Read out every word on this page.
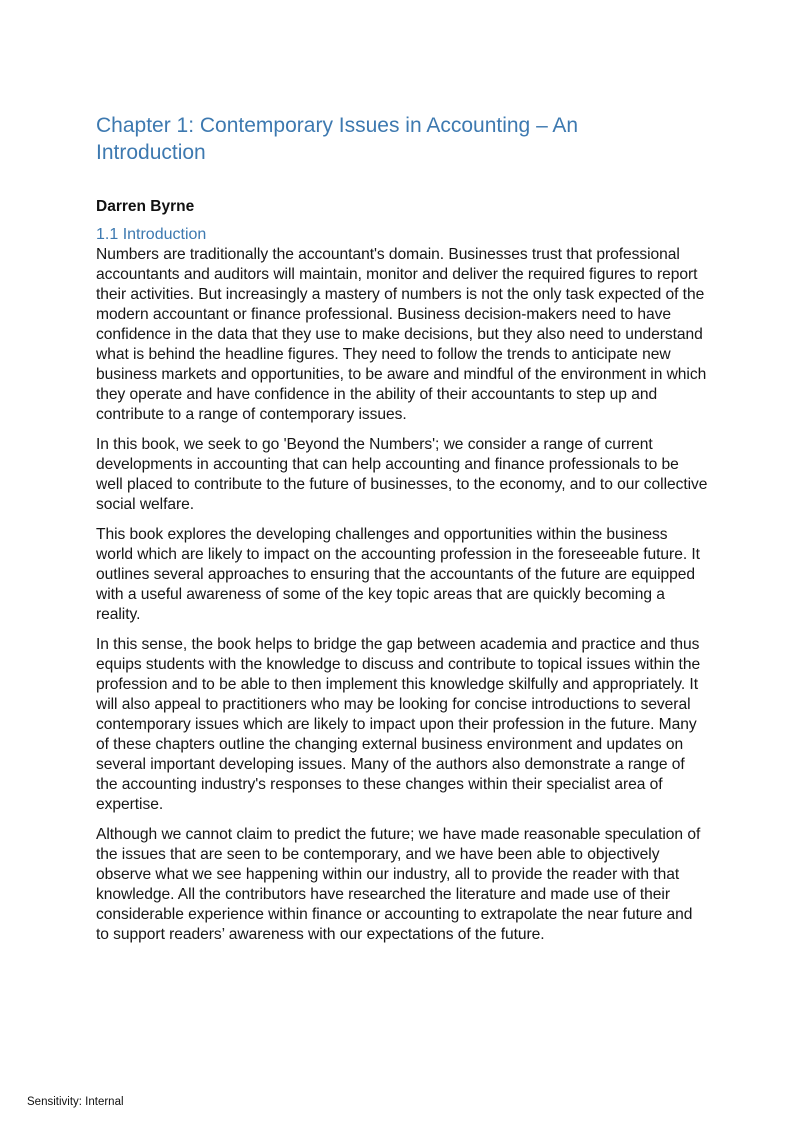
Chapter 1: Contemporary Issues in Accounting – An Introduction
Darren Byrne
1.1 Introduction

Numbers are traditionally the accountant's domain. Businesses trust that professional accountants and auditors will maintain, monitor and deliver the required figures to report their activities. But increasingly a mastery of numbers is not the only task expected of the modern accountant or finance professional. Business decision-makers need to have confidence in the data that they use to make decisions, but they also need to understand what is behind the headline figures. They need to follow the trends to anticipate new business markets and opportunities, to be aware and mindful of the environment in which they operate and have confidence in the ability of their accountants to step up and contribute to a range of contemporary issues.

In this book, we seek to go 'Beyond the Numbers'; we consider a range of current developments in accounting that can help accounting and finance professionals to be well placed to contribute to the future of businesses, to the economy, and to our collective social welfare.

This book explores the developing challenges and opportunities within the business world which are likely to impact on the accounting profession in the foreseeable future. It outlines several approaches to ensuring that the accountants of the future are equipped with a useful awareness of some of the key topic areas that are quickly becoming a reality.

In this sense, the book helps to bridge the gap between academia and practice and thus equips students with the knowledge to discuss and contribute to topical issues within the profession and to be able to then implement this knowledge skilfully and appropriately. It will also appeal to practitioners who may be looking for concise introductions to several contemporary issues which are likely to impact upon their profession in the future. Many of these chapters outline the changing external business environment and updates on several important developing issues. Many of the authors also demonstrate a range of the accounting industry's responses to these changes within their specialist area of expertise.

Although we cannot claim to predict the future; we have made reasonable speculation of the issues that are seen to be contemporary, and we have been able to objectively observe what we see happening within our industry, all to provide the reader with that knowledge. All the contributors have researched the literature and made use of their considerable experience within finance or accounting to extrapolate the near future and to support readers’ awareness with our expectations of the future.

Sensitivity: Internal
